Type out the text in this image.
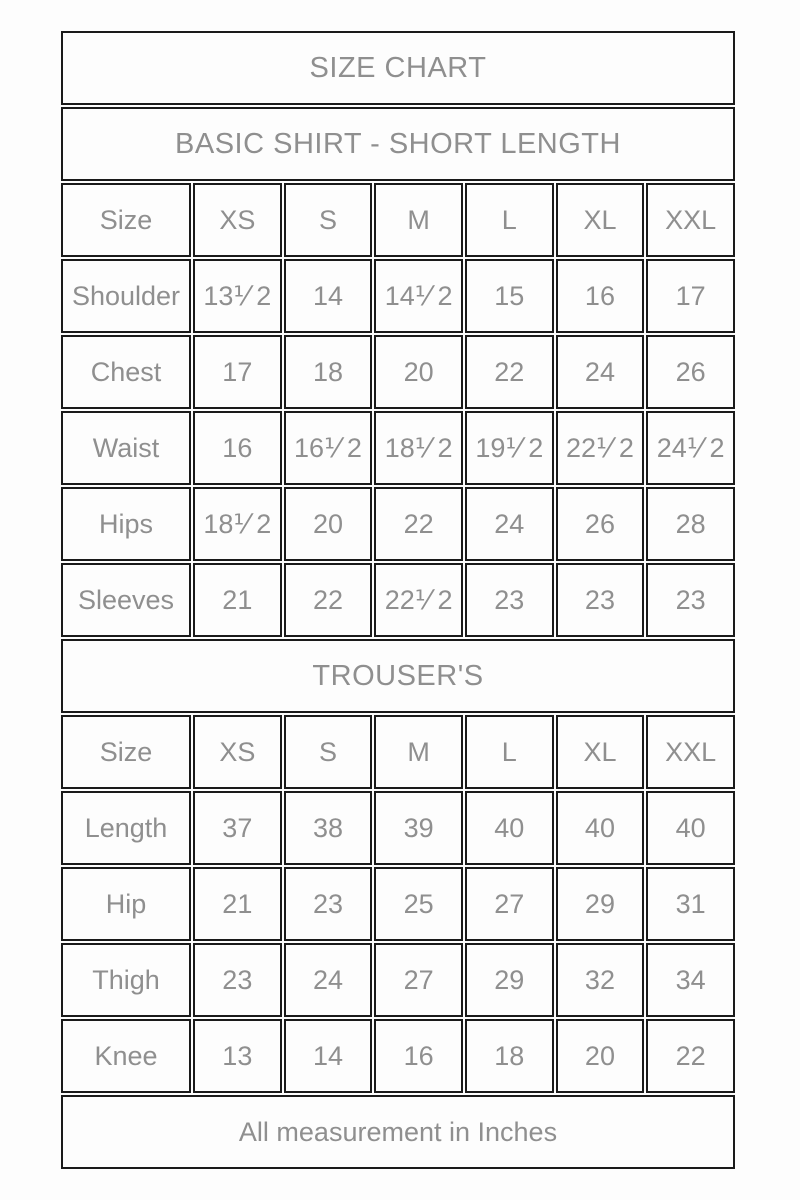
SIZE CHART						
BASIC SHIRT - SHORT LENGTH						
Size	XS	S	M	L	XL	XXL
Shoulder	13⅟ 2	14	14⅟ 2	15	16	17
Chest	17	18	20	22	24	26
Waist	16	16⅟ 2	18⅟ 2	19⅟ 2	22⅟ 2	24⅟ 2
Hips	18⅟ 2	20	22	24	26	28
Sleeves	21	22	22⅟ 2	23	23	23
TROUSER'S						
Size	XS	S	M	L	XL	XXL
Length	37	38	39	40	40	40
Hip	21	23	25	27	29	31
Thigh	23	24	27	29	32	34
Knee	13	14	16	18	20	22
All measurement in Inches						
